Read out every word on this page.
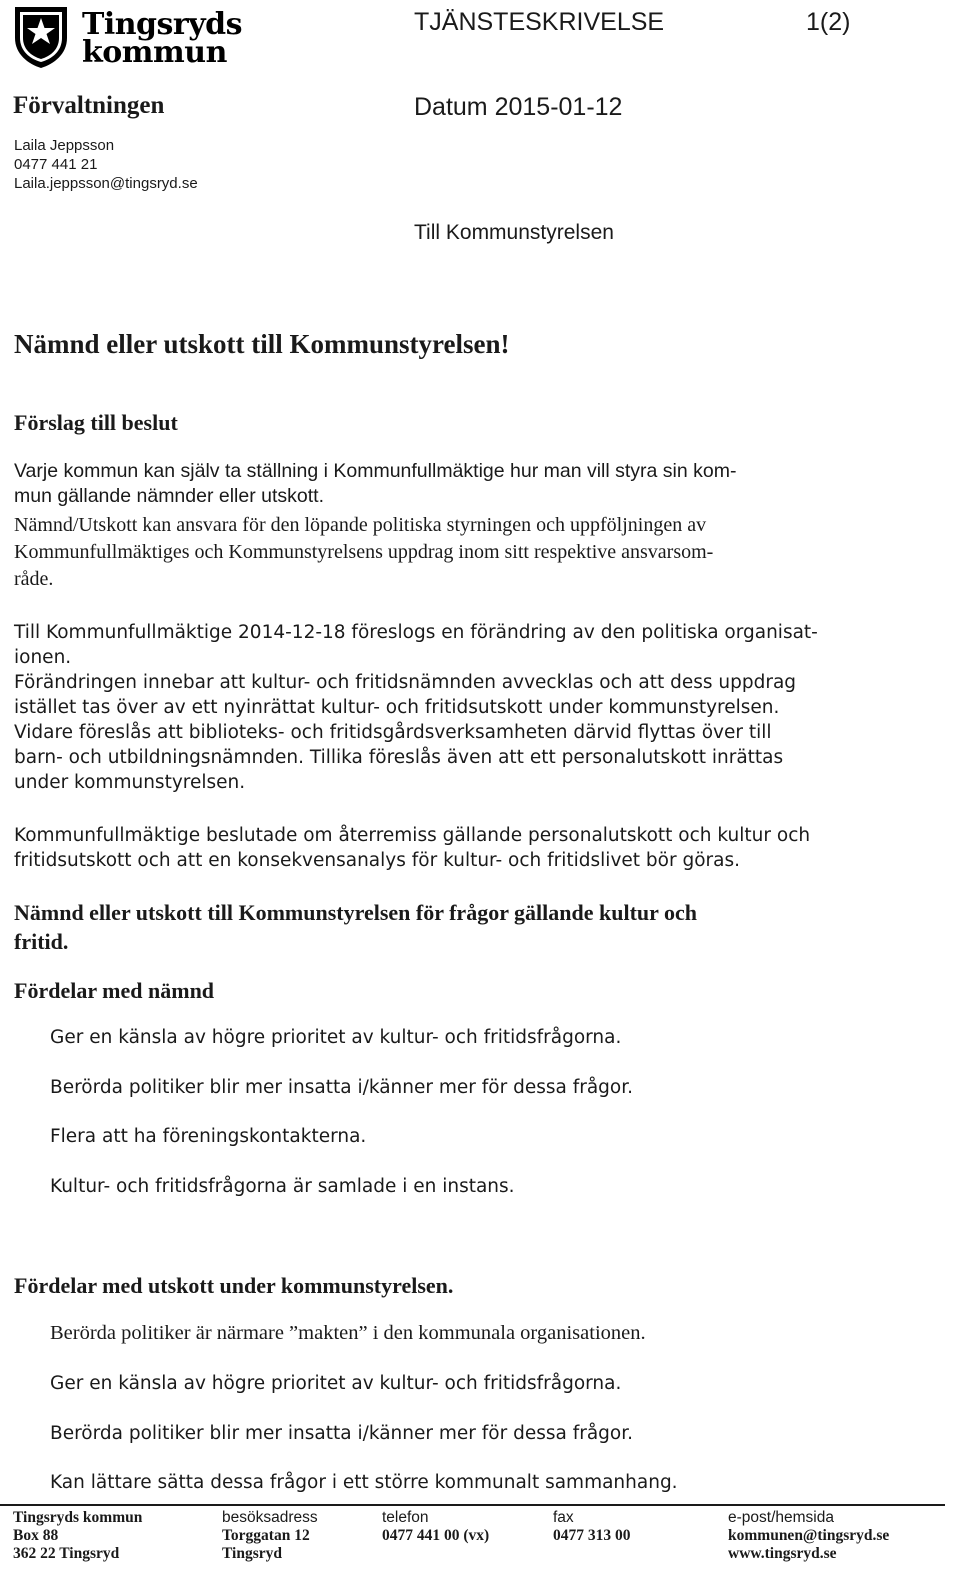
Tingsryds
kommun
TJÄNSTESKRIVELSE	1(2)
Förvaltningen	Datum 2015-01-12
Laila Jeppsson
0477 441 21
Laila.jeppsson@tingsryd.se
Till Kommunstyrelsen
Nämnd eller utskott till Kommunstyrelsen!
Förslag till beslut
Varje kommun kan själv ta ställning i Kommunfullmäktige hur man vill styra sin kom-
mun gällande nämnder eller utskott.
Nämnd/Utskott kan ansvara för den löpande politiska styrningen och uppföljningen av
Kommunfullmäktiges och Kommunstyrelsens uppdrag inom sitt respektive ansvarsom-
råde.
Till Kommunfullmäktige 2014-12-18 föreslogs en förändring av den politiska organisat-
ionen.
Förändringen innebar att kultur- och fritidsnämnden avvecklas och att dess uppdrag
istället tas över av ett nyinrättat kultur- och fritidsutskott under kommunstyrelsen.
Vidare föreslås att biblioteks- och fritidsgårdsverksamheten därvid flyttas över till
barn- och utbildningsnämnden. Tillika föreslås även att ett personalutskott inrättas
under kommunstyrelsen.
Kommunfullmäktige beslutade om återremiss gällande personalutskott och kultur och
fritidsutskott och att en konsekvensanalys för kultur- och fritidslivet bör göras.
Nämnd eller utskott till Kommunstyrelsen för frågor gällande kultur och
fritid.
Fördelar med nämnd
Ger en känsla av högre prioritet av kultur- och fritidsfrågorna.
Berörda politiker blir mer insatta i/känner mer för dessa frågor.
Flera att ha föreningskontakterna.
Kultur- och fritidsfrågorna är samlade i en instans.
Fördelar med utskott under kommunstyrelsen.
Berörda politiker är närmare ”makten” i den kommunala organisationen.
Ger en känsla av högre prioritet av kultur- och fritidsfrågorna.
Berörda politiker blir mer insatta i/känner mer för dessa frågor.
Kan lättare sätta dessa frågor i ett större kommunalt sammanhang.
Tingsryds kommun
Box 88
362 22 Tingsryd
besöksadress
Torggatan 12
Tingsryd
telefon
0477 441 00 (vx)
fax
0477 313 00
e-post/hemsida
kommunen@tingsryd.se
www.tingsryd.se
